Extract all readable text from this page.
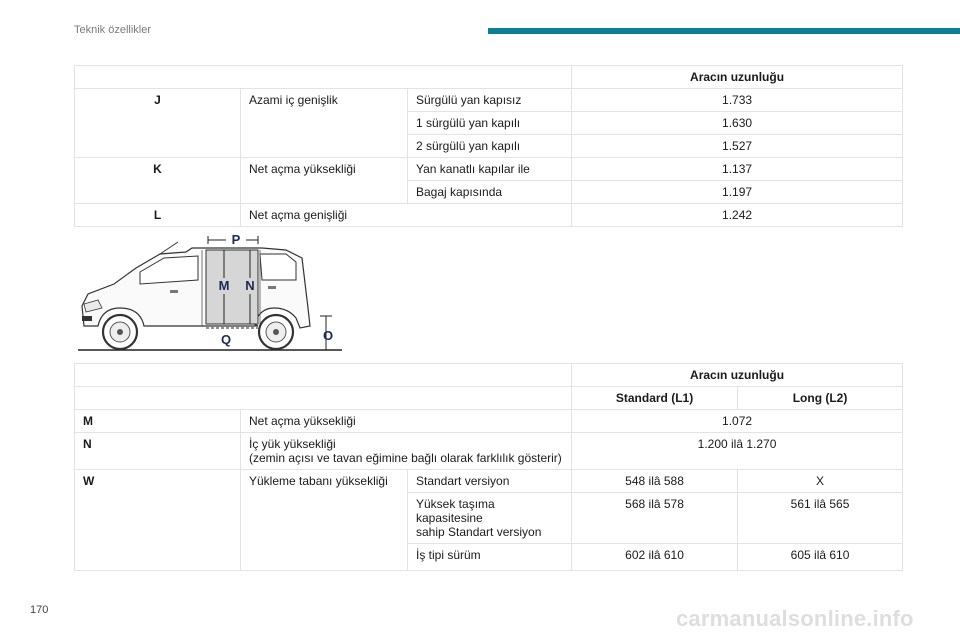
Teknik özellikler
			Aracın uzunluğu
J	Azami iç genişlik	Sürgülü yan kapısız	1.733
		1 sürgülü yan kapılı	1.630
		2 sürgülü yan kapılı	1.527
K	Net açma yüksekliği	Yan kanatlı kapılar ile	1.137
		Bagaj kapısında	1.197
L	Net açma genişliği		1.242
P
M N
Q	O
			Aracın uzunluğu	
			Standard (L1)	Long (L2)
M	Net açma yüksekliği		1.072	
N	İç yük yüksekliği
(zemin açısı ve tavan eğimine bağlı olarak farklılık gösterir)		1.200 ilâ 1.270	
W	Yükleme tabanı yüksekliği	Standart versiyon	548 ilâ 588	X

		Yüksek taşıma kapasitesine
sahip Standart versiyon	568 ilâ 578	561 ilâ 565
		İş tipi sürüm	602 ilâ 610	605 ilâ 610
170	carmanualsonline.info
